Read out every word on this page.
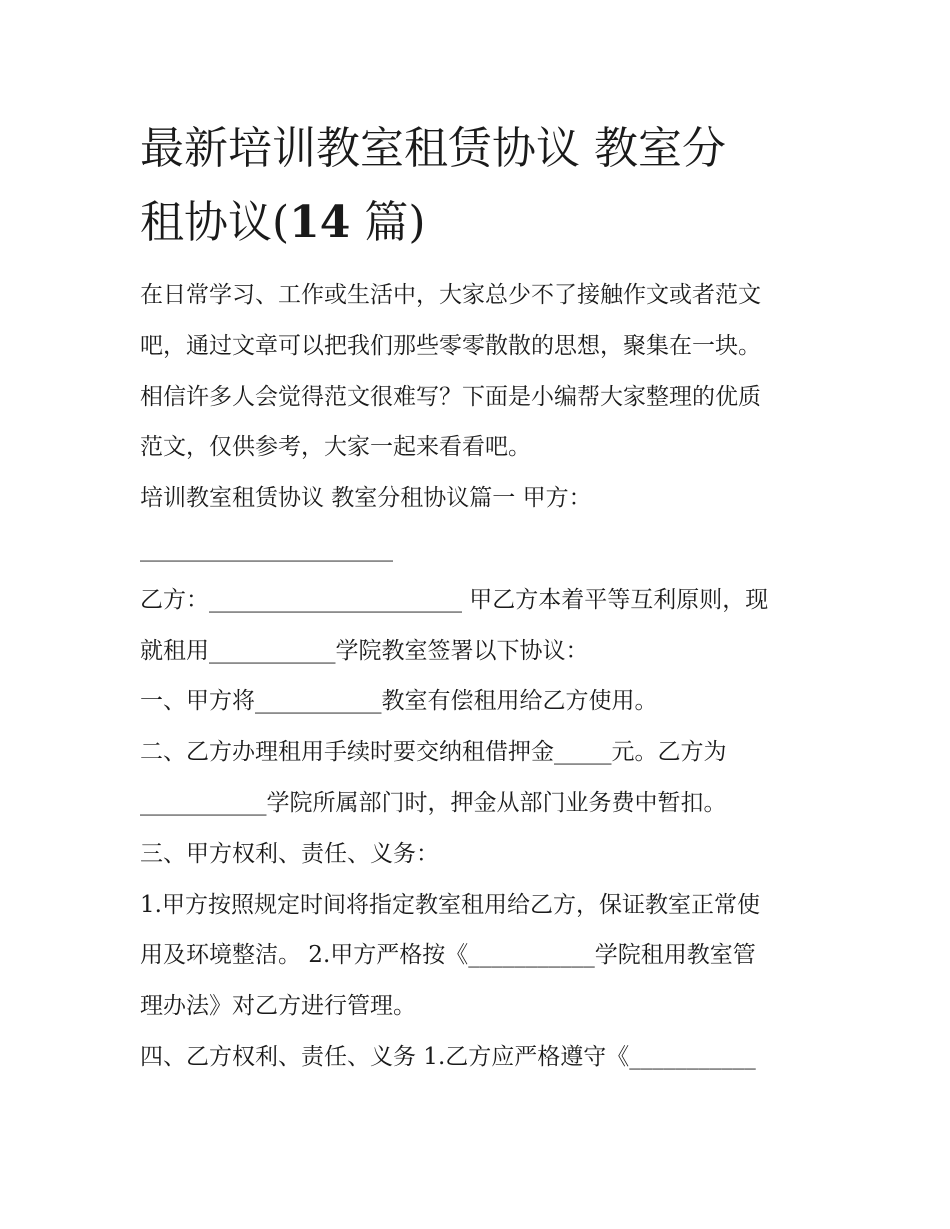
最新培训教室租赁协议 教室分
租协议(14 篇)

在日常学习、工作或生活中，大家总少不了接触作文或者范文

吧，通过文章可以把我们那些零零散散的思想，聚集在一块。

相信许多人会觉得范文很难写？下面是小编帮大家整理的优质

范文，仅供参考，大家一起来看看吧。

培训教室租赁协议 教室分租协议篇一 甲方：

______________________

乙方：______________________ 甲乙方本着平等互利原则，现

就租用___________学院教室签署以下协议：

一、甲方将___________教室有偿租用给乙方使用。

二、乙方办理租用手续时要交纳租借押金_____元。乙方为

___________学院所属部门时，押金从部门业务费中暂扣。

三、甲方权利、责任、义务：

1.甲方按照规定时间将指定教室租用给乙方，保证教室正常使

用及环境整洁。 2.甲方严格按《___________学院租用教室管

理办法》对乙方进行管理。

四、乙方权利、责任、义务 1.乙方应严格遵守《___________
